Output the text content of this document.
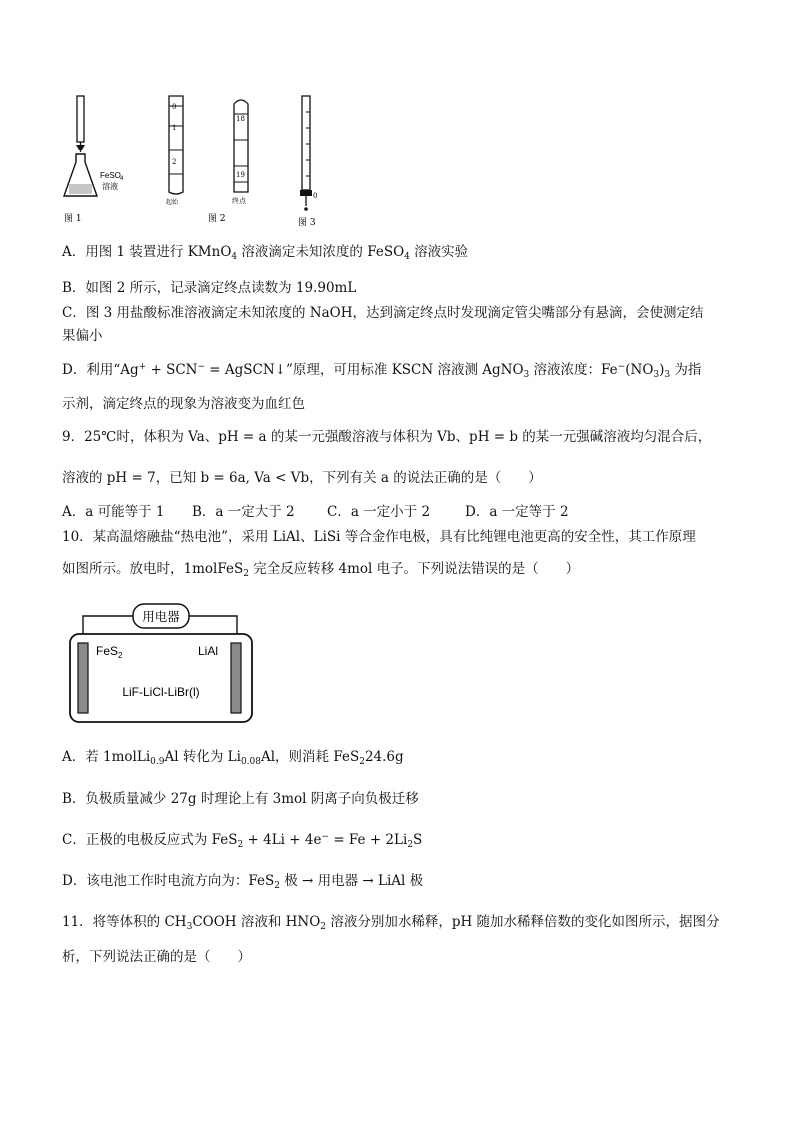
FeSO 4
溶液
图 1
0
1
2
起始
18
19
终点
图 2
0
图 3
A．用图 1 装置进行 KMnO$_4$ 溶液滴定未知浓度的 FeSO$_4$ 溶液实验
B．如图 2 所示，记录滴定终点读数为 19.90mL
C．图 3 用盐酸标准溶液滴定未知浓度的 NaOH，达到滴定终点时发现滴定管尖嘴部分有悬滴，会使测定结
果偏小
D．利用“Ag+ + SCN− = AgSCN↓”原理，可用标准 KSCN 溶液测 AgNO$_3$ 溶液浓度：$Fe^-(NO_3)_3$ 为指
示剂，滴定终点的现象为溶液变为血红色
9．25℃时，体积为 Va、pH = a 的某一元强酸溶液与体积为 Vb、pH = b 的某一元强碱溶液均匀混合后，
溶液的 pH = 7，已知 b = 6a, Va < Vb，下列有关 a 的说法正确的是（　　）
A．a 可能等于 1 B．a 一定大于 2 C．a 一定小于 2	D．a 一定等于 2
10．某高温熔融盐“热电池”，采用 LiAl、LiSi 等合金作电极，具有比纯锂电池更高的安全性，其工作原理
如图所示。放电时，1molFeS$_2$ 完全反应转移 4mol 电子。下列说法错误的是（　　）
用电器
FeS$_2$	LiAl
LiF-LiCl-LiBr(l)
A．若 1molLi$_{0.9}$Al 转化为 $Li_{0.08}Al$，则消耗 FeS$_2$24.6g
B．负极质量减少 27g 时理论上有 3mol 阴离子向负极迁移
C．正极的电极反应式为 $FeS_2 + 4Li + 4e^- = Fe + 2Li_2S$
D．该电池工作时电流方向为：FeS$_2$ 极 → 用电器 → LiAl 极
11．将等体积的 $CH_3COOH$ 溶液和 $HNO_2$ 溶液分别加水稀释，pH 随加水稀释倍数的变化如图所示，据图分
析，下列说法正确的是（　　）
